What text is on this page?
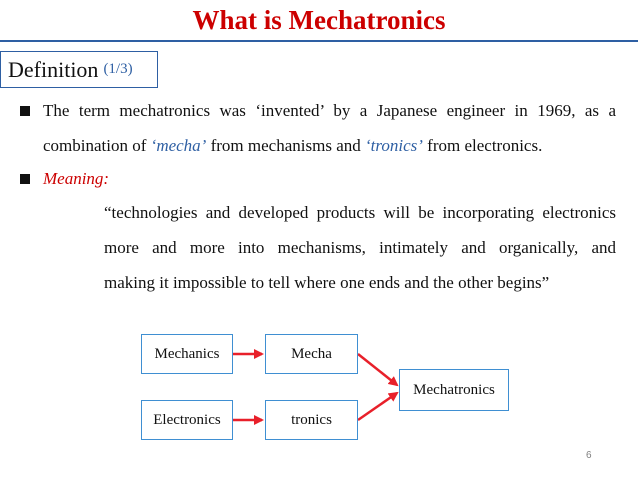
What is Mechatronics
Definition (1/3)
The term mechatronics was ‘invented’ by a Japanese engineer in 1969, as a
combination of ‘mecha’ from mechanisms and ‘tronics’ from electronics.
Meaning:
“technologies and developed products will be incorporating electronics
more and more into mechanisms, intimately and organically, and
making it impossible to tell where one ends and the other begins”
Mechanics
Electronics
Mecha
tronics
Mechatronics
6
